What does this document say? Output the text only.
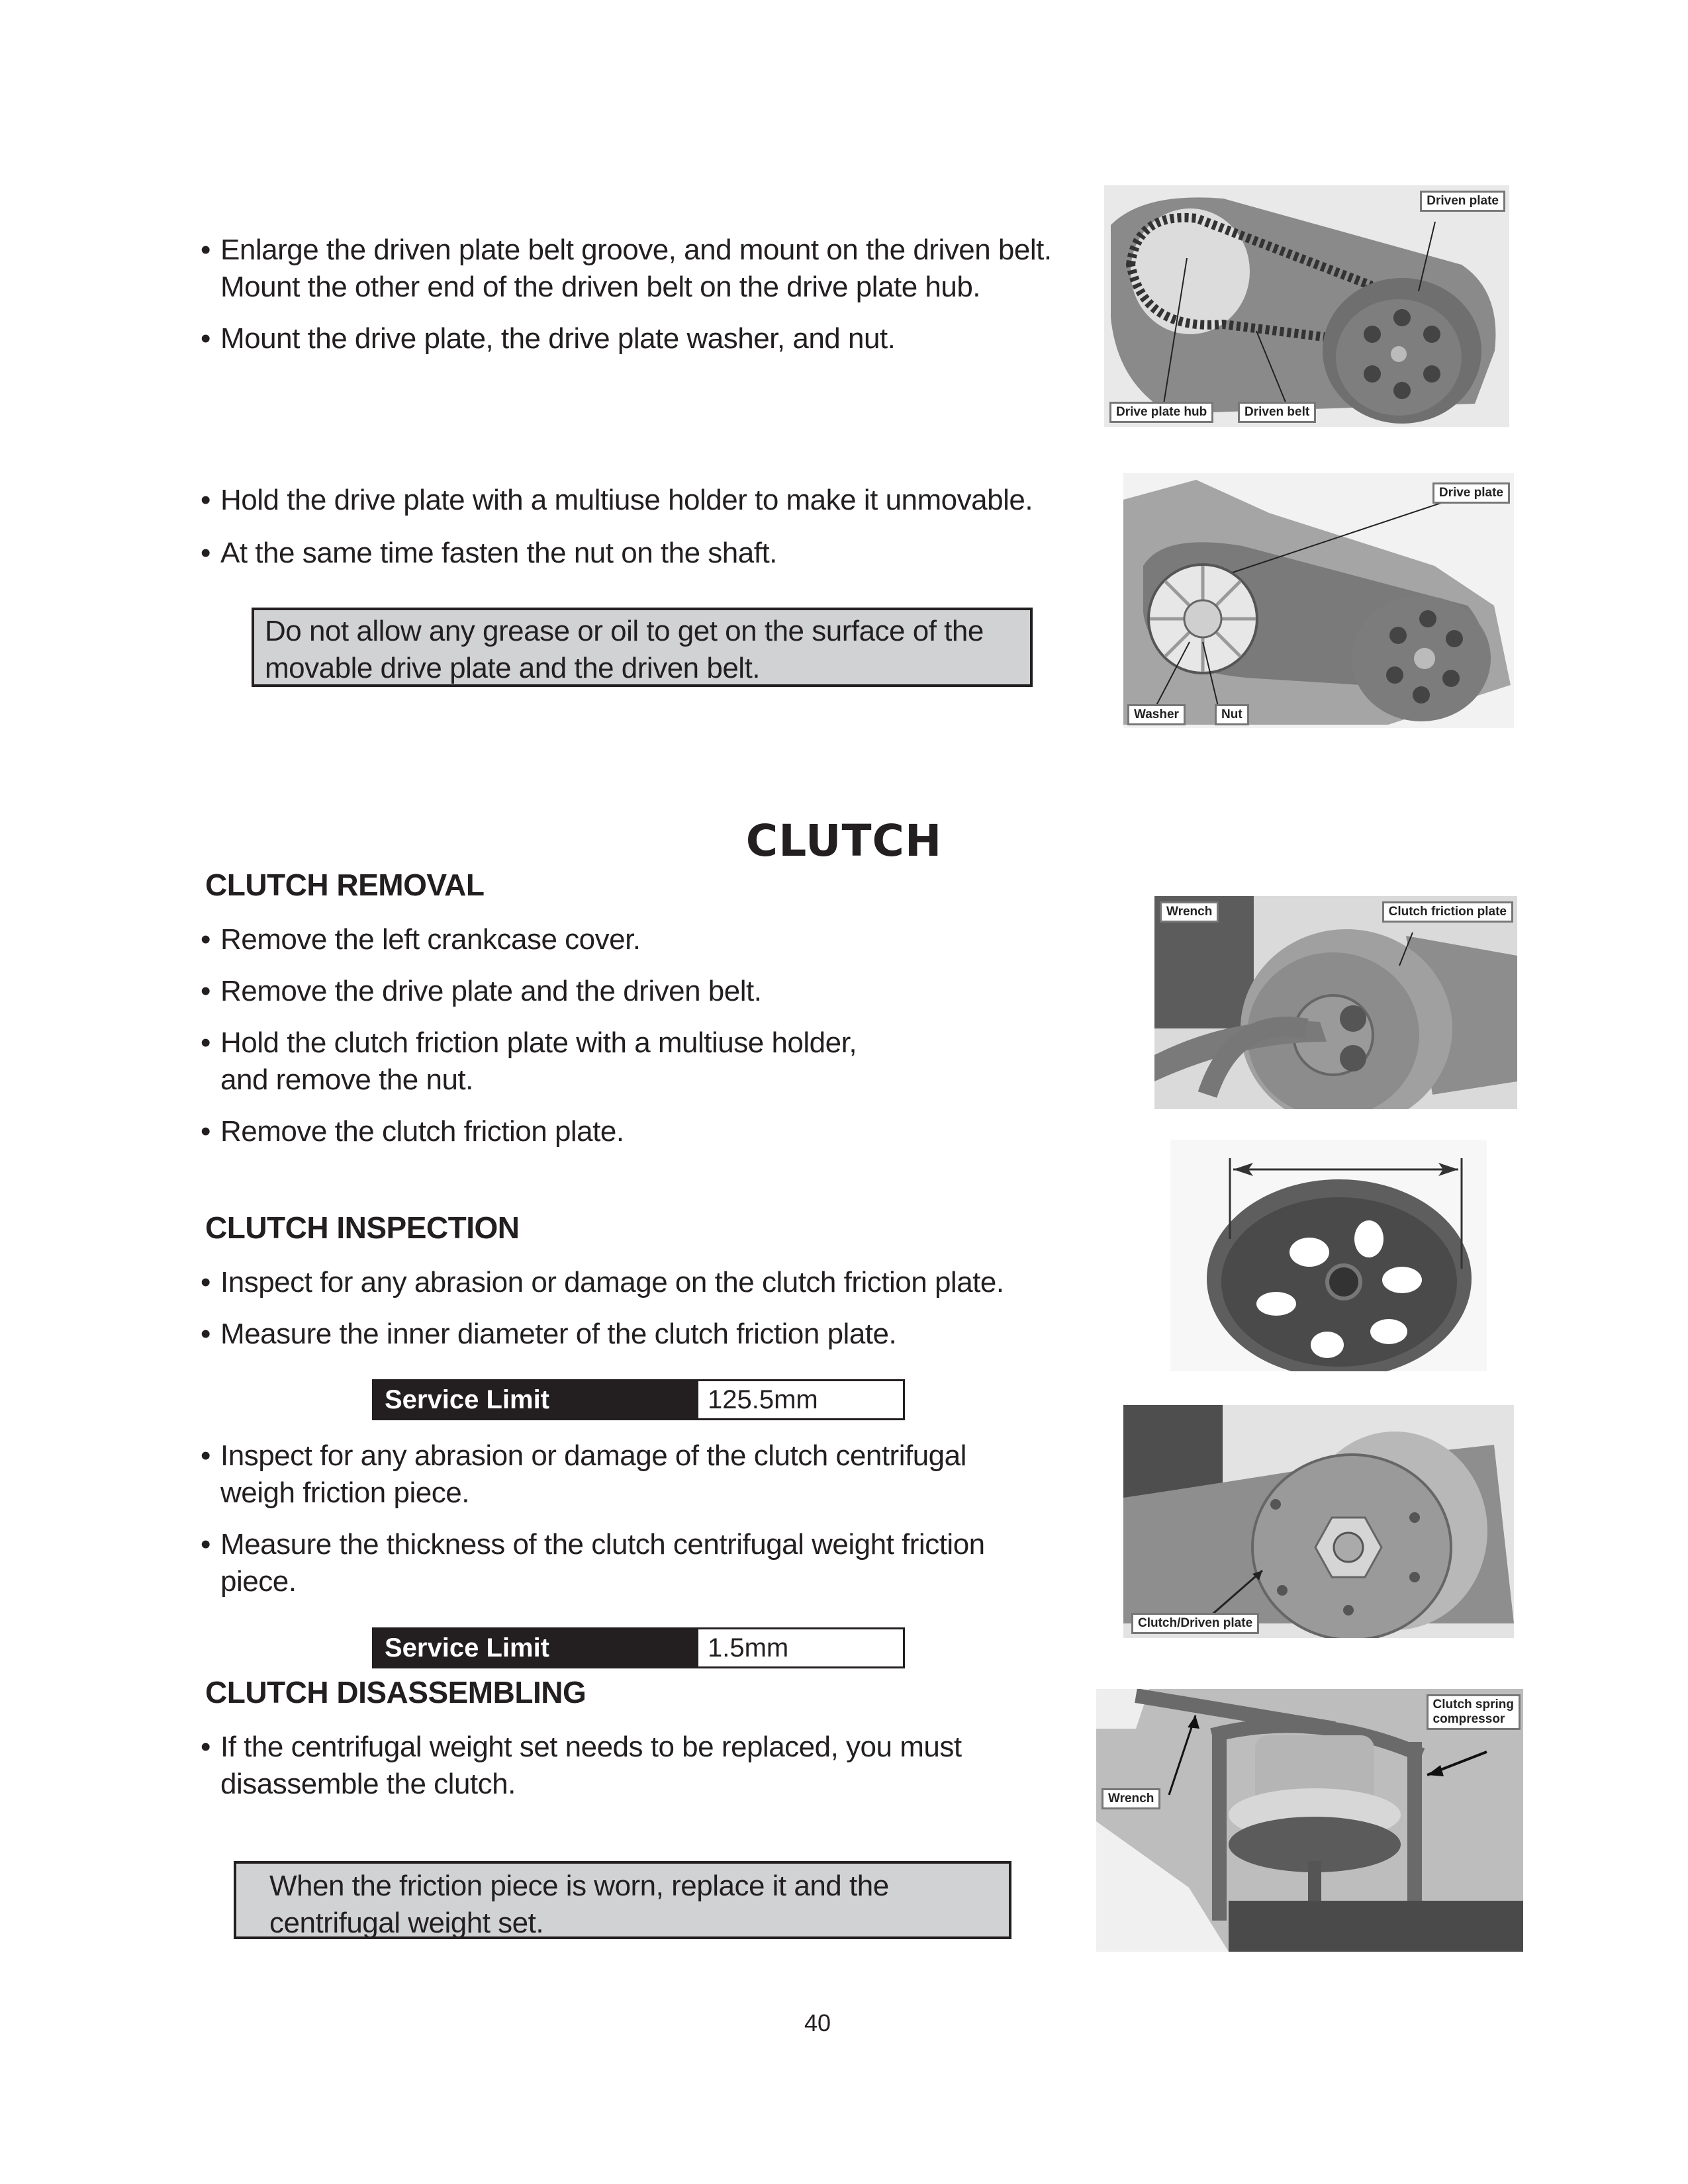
• Enlarge the driven plate belt groove, and mount on the driven belt.
Mount the other end of the driven belt on the drive plate hub.
• Mount the drive plate, the drive plate washer, and nut.
Driven plate
Drive plate hub	Driven belt
• Hold the drive plate with a multiuse holder to make it unmovable.
• At the same time fasten the nut on the shaft.
Do not allow any grease or oil to get on the surface of the
movable drive plate and the driven belt.
Drive plate
Washer	Nut
CLUTCH
CLUTCH REMOVAL
• Remove the left crankcase cover.
• Remove the drive plate and the driven belt.
• Hold the clutch friction plate with a multiuse holder,
and remove the nut.
• Remove the clutch friction plate.
Wrench	Clutch friction plate
CLUTCH INSPECTION
• Inspect for any abrasion or damage on the clutch friction plate.
• Measure the inner diameter of the clutch friction plate.
Service Limit	125.5mm
• Inspect for any abrasion or damage of the clutch centrifugal
weigh friction piece.
• Measure the thickness of the clutch centrifugal weight friction
piece.
Service Limit	1.5mm
Clutch/Driven plate
CLUTCH DISASSEMBLING
• If the centrifugal weight set needs to be replaced, you must
disassemble the clutch.
When the friction piece is worn, replace it and the
centrifugal weight set.
Clutch spring
compressor
Wrench
40
